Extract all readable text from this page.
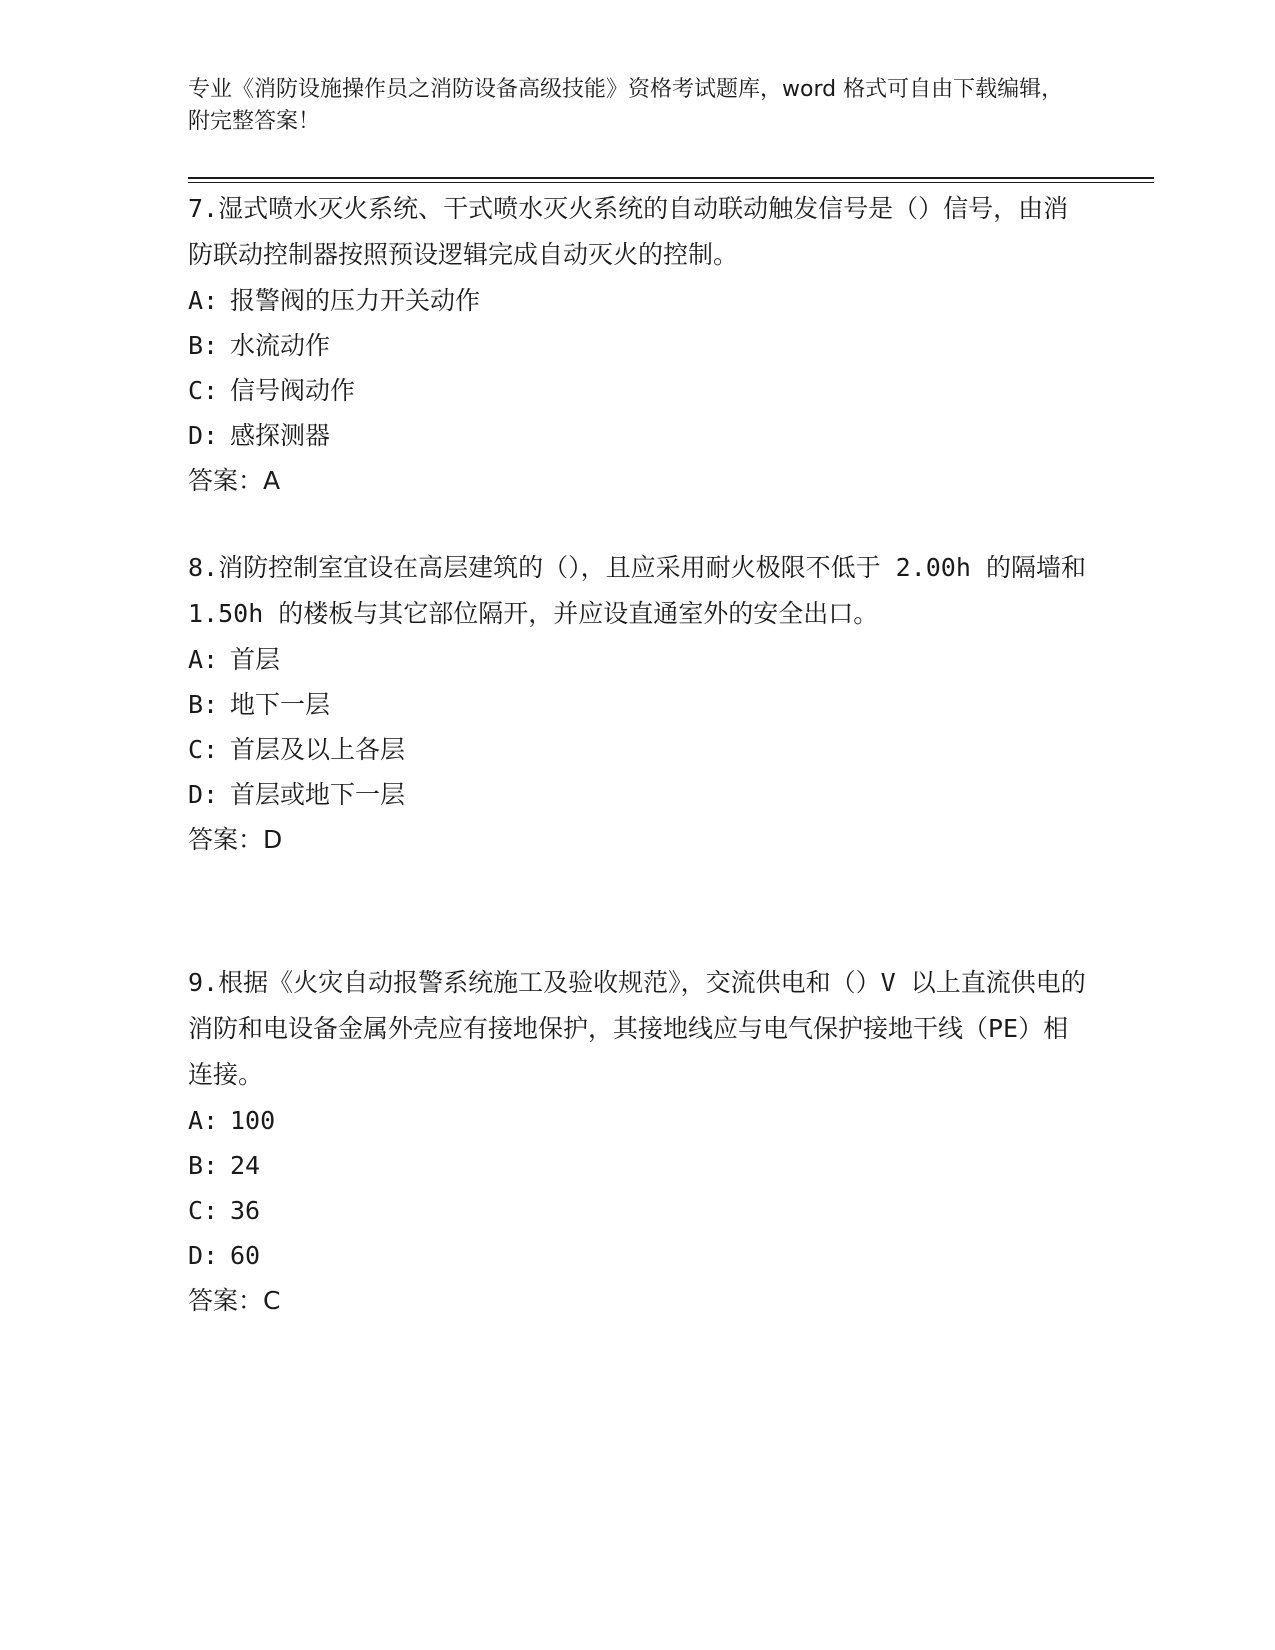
专业《消防设施操作员之消防设备高级技能》资格考试题库，word 格式可自由下载编辑，附完整答案！

7.湿式喷水灭火系统、干式喷水灭火系统的自动联动触发信号是（）信号，由消防联动控制器按照预设逻辑完成自动灭火的控制。

A: 报警阀的压力开关动作

B: 水流动作

C: 信号阀动作

D: 感探测器

答案：A

8.消防控制室宜设在高层建筑的（），且应采用耐火极限不低于 2.00h 的隔墙和 1.50h 的楼板与其它部位隔开，并应设直通室外的安全出口。

A: 首层

B: 地下一层

C: 首层及以上各层

D: 首层或地下一层

答案：D

9.根据《火灾自动报警系统施工及验收规范》，交流供电和（）V 以上直流供电的消防和电设备金属外壳应有接地保护，其接地线应与电气保护接地干线（PE）相连接。

A: 100

B: 24

C: 36

D: 60

答案：C
